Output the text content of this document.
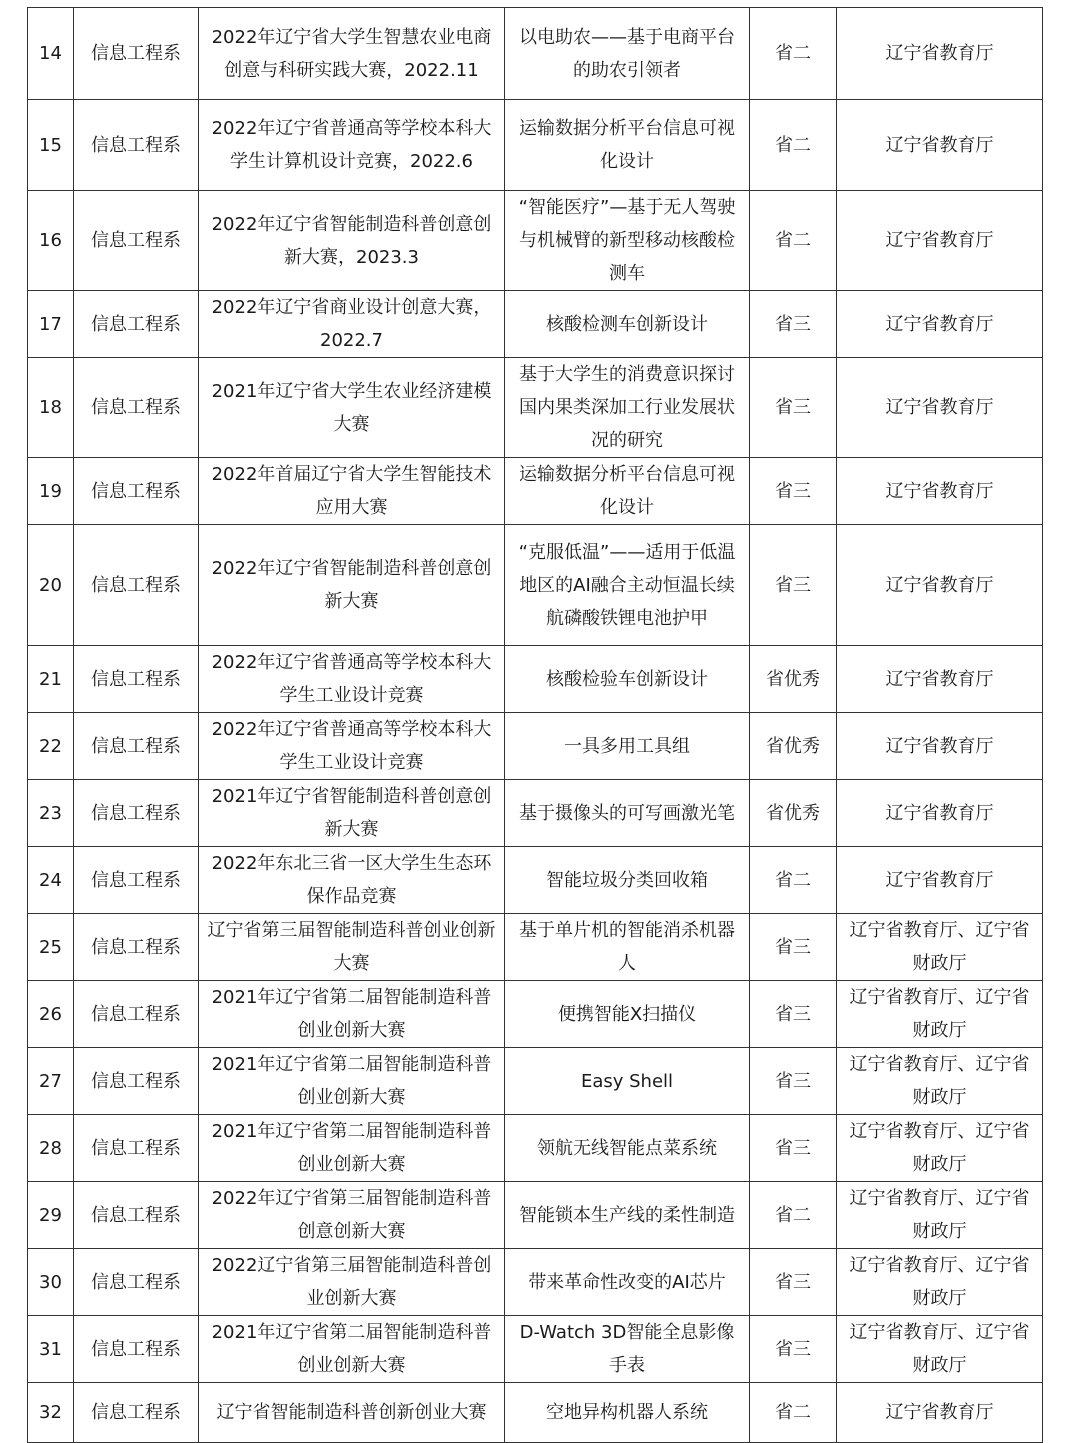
14	信息工程系	2022年辽宁省大学生智慧农业电商创意与科研实践大赛，2022.11	以电助农——基于电商平台的助农引领者	省二	辽宁省教育厅
15	信息工程系	2022年辽宁省普通高等学校本科大学生计算机设计竞赛，2022.6	运输数据分析平台信息可视化设计	省二	辽宁省教育厅
16	信息工程系	2022年辽宁省智能制造科普创意创新大赛，2023.3	“智能医疗”—基于无人驾驶与机械臂的新型移动核酸检测车	省二	辽宁省教育厅
17	信息工程系	2022年辽宁省商业设计创意大赛，2022.7	核酸检测车创新设计	省三	辽宁省教育厅
18	信息工程系	2021年辽宁省大学生农业经济建模大赛	基于大学生的消费意识探讨国内果类深加工行业发展状况的研究	省三	辽宁省教育厅
19	信息工程系	2022年首届辽宁省大学生智能技术应用大赛	运输数据分析平台信息可视化设计	省三	辽宁省教育厅
20	信息工程系	2022年辽宁省智能制造科普创意创新大赛	“克服低温”——适用于低温地区的AI融合主动恒温长续航磷酸铁锂电池护甲	省三	辽宁省教育厅
21	信息工程系	2022年辽宁省普通高等学校本科大学生工业设计竞赛	核酸检验车创新设计	省优秀	辽宁省教育厅
22	信息工程系	2022年辽宁省普通高等学校本科大学生工业设计竞赛	一具多用工具组	省优秀	辽宁省教育厅
23	信息工程系	2021年辽宁省智能制造科普创意创新大赛	基于摄像头的可写画激光笔	省优秀	辽宁省教育厅
24	信息工程系	2022年东北三省一区大学生生态环保作品竞赛	智能垃圾分类回收箱	省二	辽宁省教育厅
25	信息工程系	辽宁省第三届智能制造科普创业创新大赛	基于单片机的智能消杀机器人	省三	辽宁省教育厅、辽宁省财政厅
26	信息工程系	2021年辽宁省第二届智能制造科普创业创新大赛	便携智能X扫描仪	省三	辽宁省教育厅、辽宁省财政厅
27	信息工程系	2021年辽宁省第二届智能制造科普创业创新大赛	Easy Shell	省三	辽宁省教育厅、辽宁省财政厅
28	信息工程系	2021年辽宁省第二届智能制造科普创业创新大赛	领航无线智能点菜系统	省三	辽宁省教育厅、辽宁省财政厅
29	信息工程系	2022年辽宁省第三届智能制造科普创意创新大赛	智能锁本生产线的柔性制造	省二	辽宁省教育厅、辽宁省财政厅
30	信息工程系	2022辽宁省第三届智能制造科普创业创新大赛	带来革命性改变的AI芯片	省三	辽宁省教育厅、辽宁省财政厅
31	信息工程系	2021年辽宁省第二届智能制造科普创业创新大赛	D-Watch 3D智能全息影像手表	省三	辽宁省教育厅、辽宁省财政厅
32	信息工程系	辽宁省智能制造科普创新创业大赛	空地异构机器人系统	省二	辽宁省教育厅
